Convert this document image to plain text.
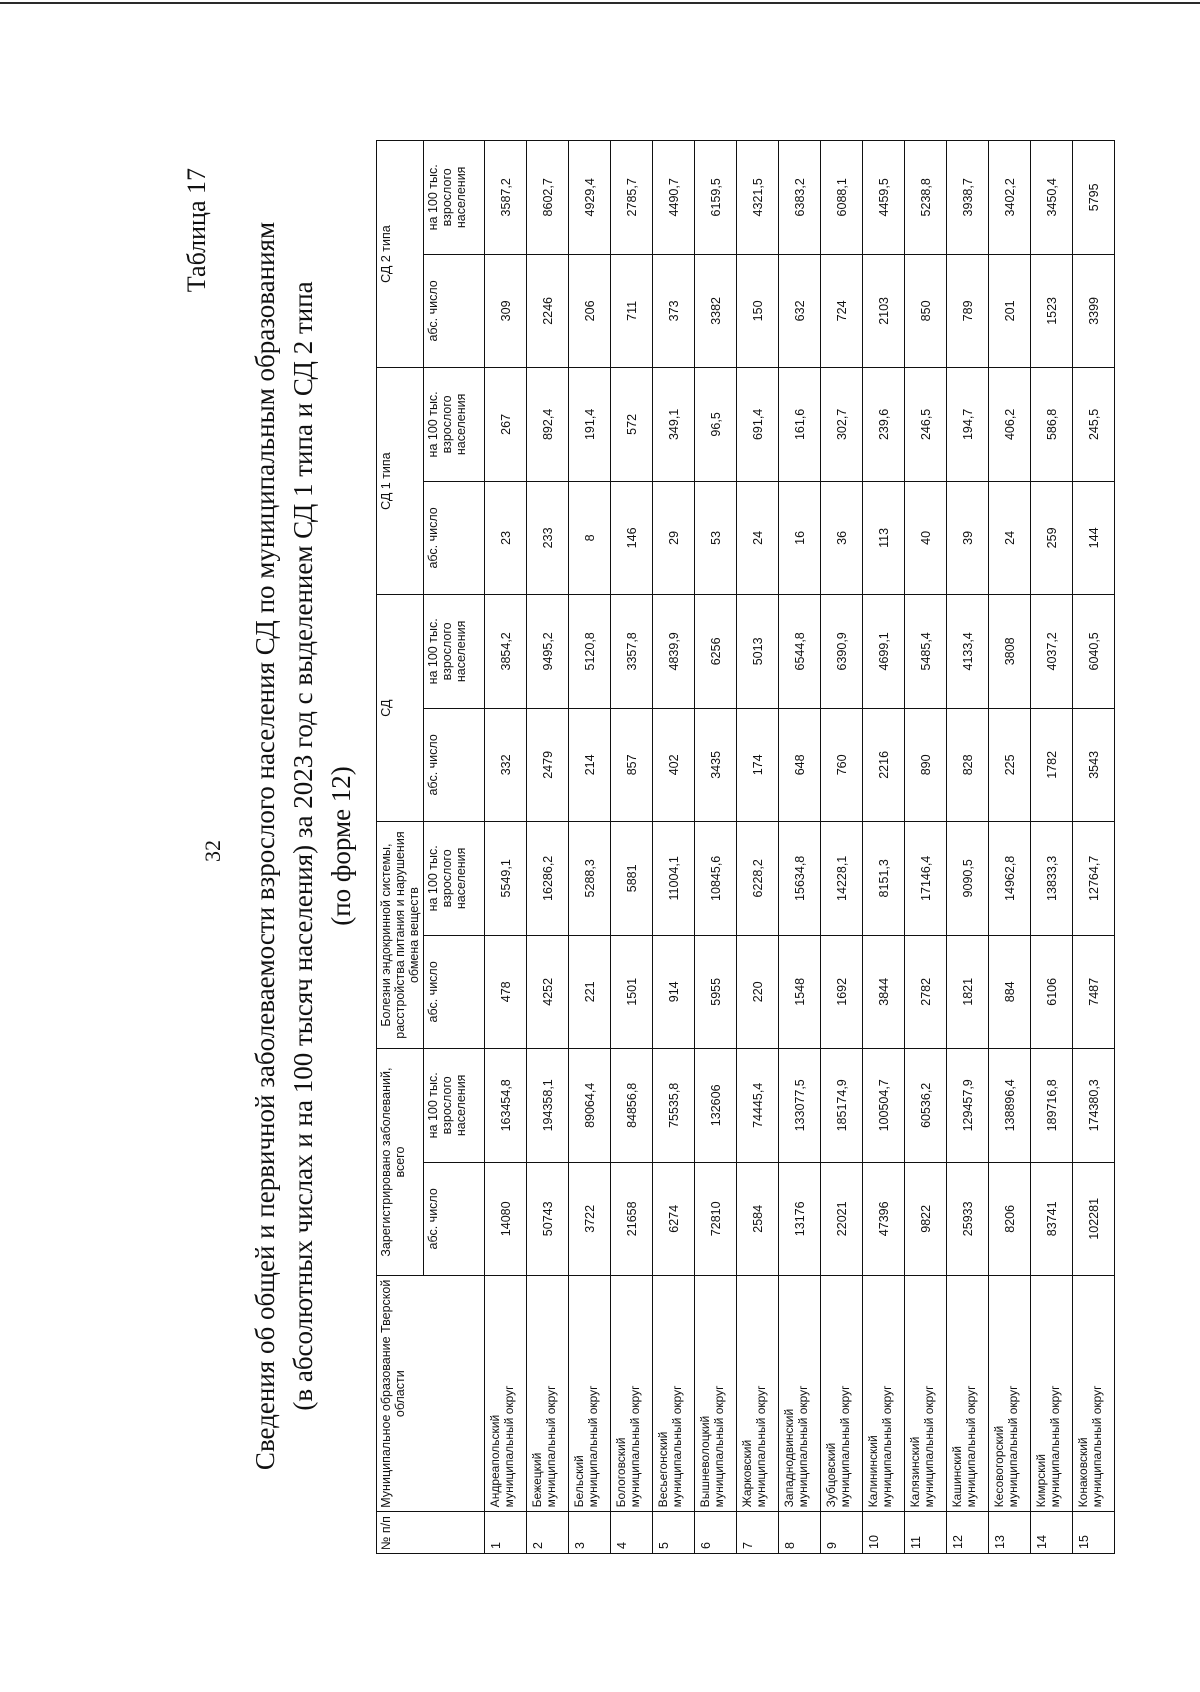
32
Таблица 17 Сведения об общей и первичной заболеваемости взрослого населения СД по муниципальным образованиям (в абсолютных числах и на 100 тысяч населения) за 2023 год с выделением СД 1 типа и СД 2 типа (по форме 12)
№ п/п	Муниципальное образование Тверской области	Зарегистрировано заболеваний, всего		Болезни эндокринной системы, расстройства питания и нарушения обмена веществ		СД		СД 1 типа		СД 2 типа	
		абс. число	на 100 тыс. взрослого населения	абс. число	на 100 тыс. взрослого населения	абс. число	на 100 тыс. взрослого населения	абс. число	на 100 тыс. взрослого населения	абс. число	на 100 тыс. взрослого населения
1	Андреапольский муниципальный округ	14080	163454,8	478	5549,1	332	3854,2	23	267	309	3587,2
2	Бежецкий муниципальный округ	50743	194358,1	4252	16286,2	2479	9495,2	233	892,4	2246	8602,7
3	Бельский муниципальный округ	3722	89064,4	221	5288,3	214	5120,8	8	191,4	206	4929,4
4	Бологовский муниципальный округ	21658	84856,8	1501	5881	857	3357,8	146	572	711	2785,7
5	Весьегонский муниципальный округ	6274	75535,8	914	11004,1	402	4839,9	29	349,1	373	4490,7
6	Вышневолоцкий муниципальный округ	72810	132606	5955	10845,6	3435	6256	53	96,5	3382	6159,5
7	Жарковский муниципальный округ	2584	74445,4	220	6228,2	174	5013	24	691,4	150	4321,5
8	Западнодвинский муниципальный округ	13176	133077,5	1548	15634,8	648	6544,8	16	161,6	632	6383,2
9	Зубцовский муниципальный округ	22021	185174,9	1692	14228,1	760	6390,9	36	302,7	724	6088,1
10	Калининский муниципальный округ	47396	100504,7	3844	8151,3	2216	4699,1	113	239,6	2103	4459,5
11	Калязинский муниципальный округ	9822	60536,2	2782	17146,4	890	5485,4	40	246,5	850	5238,8
12	Кашинский муниципальный округ	25933	129457,9	1821	9090,5	828	4133,4	39	194,7	789	3938,7
13	Кесовогорский муниципальный округ	8206	138896,4	884	14962,8	225	3808	24	406,2	201	3402,2
14	Кимрский муниципальный округ	83741	189716,8	6106	13833,3	1782	4037,2	259	586,8	1523	3450,4
15	Конаковский муниципальный округ	102281	174380,3	7487	12764,7	3543	6040,5	144	245,5	3399	5795
